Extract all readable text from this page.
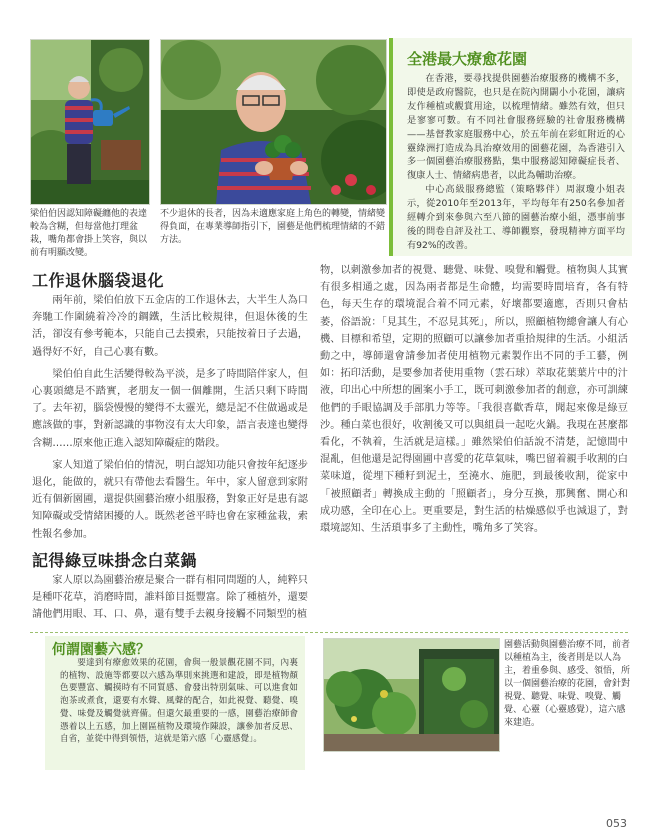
梁伯伯因認知障礙纏他的表達較為含糊，但每當他打理盆栽，嘴角都會掛上笑容，與以前有明顯改變。
不少退休的長者，因為未適應家庭上角色的轉變，情緒變得負面，在專業導師指引下，園藝是他們梳理情緒的不錯方法。
全港最大療愈花園

在香港，要尋找提供園藝治療服務的機構不多，即使是政府醫院，也只是在院內開闢小小花園，讓病友作種植或觀賞用途，以梳理情緒。雖然有效，但只是寥寥可數。有不同社會服務經驗的社會服務機構——基督教家庭服務中心，於五年前在彩虹附近的心靈綠洲打造成為具治療效用的園藝花園，為香港引入多一個園藝治療服務點，集中服務認知障礙症長者、復康人士、情緒病患者，以此為輔助治療。

中心高級服務總監（策略夥伴）周淑瓊小姐表示，從2010年至2013年，平均每年有250名參加者經轉介到來參與六至八節的園藝治療小組，憑事前事後的問卷自評及社工、導師觀察，發現精神方面平均有92%的改善。

工作退休腦袋退化

兩年前，梁伯伯放下五金店的工作退休去，大半生人為口奔馳工作圍繞着冷冷的鋼鐵，生活比較規律，但退休後的生活，卻沒有參考範本，只能自己去摸索，只能按着日子去過，過得好不好，自己心裏有數。

梁伯伯自此生活變得較為平淡，是多了時間陪伴家人，但心裏頭總是不踏實，老朋友一個一個離開，生活只剩下時間了。去年初，腦袋慢慢的變得不太靈光，總是記不住做過或是應該做的事，對新認識的事物沒有太大印象，語言表達也變得含糊……原來他正進入認知障礙症的階段。

家人知道了梁伯伯的情況，明白認知功能只會按年紀逐步退化，能做的，就只有帶他去看醫生。年中，家人留意到家附近有個新園圃，還提供園藝治療小組服務，對象正好是患有認知障礙或受情緒困擾的人。既然老爸平時也會在家種盆栽，索性報名參加。

記得綠豆味掛念白菜鍋

家人原以為園藝治療是聚合一群有相同問題的人，純粹只是種吓花草，消磨時間，誰料節目挺豐富。除了種植外，還要請他們用眼、耳、口、鼻，還有雙手去親身接觸不同類型的植

物，以刺激參加者的視覺、聽覺、味覺、嗅覺和觸覺。植物與人其實有很多相通之處，因為兩者都是生命體，均需要時間培育，各有特色，每天生存的環境混合着不同元素，好壞都要適應，否則只會枯萎，俗語說：「見其生，不忍見其死」，所以，照顧植物總會讓人有心機、目標和希望，定期的照顧可以讓參加者重拾規律的生活。小組活動之中，導師還會請參加者使用植物元素製作出不同的手工藝，例如：拓印活動，是要參加者使用重物（雲石球）萃取花葉葉片中的汁液，印出心中所想的圖案小手工，既可刺激參加者的創意，亦可訓練他們的手眼協調及手部肌力等等。「我很喜歡香草，聞起來像是綠豆沙。種白菜也很好，收割後又可以與組員一起吃火鍋。我現在甚麼都看化，不執着，生活就是這樣。」雖然梁伯伯話說不清楚，記憶間中混亂，但他還是記得園圃中喜愛的花草氣味，嘴巴留着親手收割的白菜味道，從埋下種籽到泥土，至澆水、施肥，到最後收割，從家中「被照顧者」轉換成主動的「照顧者」，身分互換，那興奮、開心和成功感，全印在心上。更重要是，對生活的枯燥感似乎也減退了，對環境認知、生活瑣事多了主動性，嘴角多了笑容。

何謂園藝六感？

要達到有療愈效果的花園，會與一般景觀花園不同，內裏的植物、設施等都要以六感為準則來挑選和建設，即是植物顏色要豐富、觸摸時有不同質感、會發出特別氣味、可以進食如泡茶或煮食，還要有水聲、風聲的配合，如此視覺、聽覺、嗅覺、味覺及觸覺就齊備。但還欠最重要的一感，園藝治療師會憑着以上五感，加上園區植物及環境作陳設，讓參加者反思、自省，並從中得到領悟，這就是第六感「心靈感覺」。

園藝活動與園藝治療不同，前者以種植為主，後者則是以人為主，着重參與、感受、領悟，所以一個園藝治療的花園，會針對視覺、聽覺、味覺、嗅覺、觸覺、心靈（心靈感覺），這六感來建造。
053
